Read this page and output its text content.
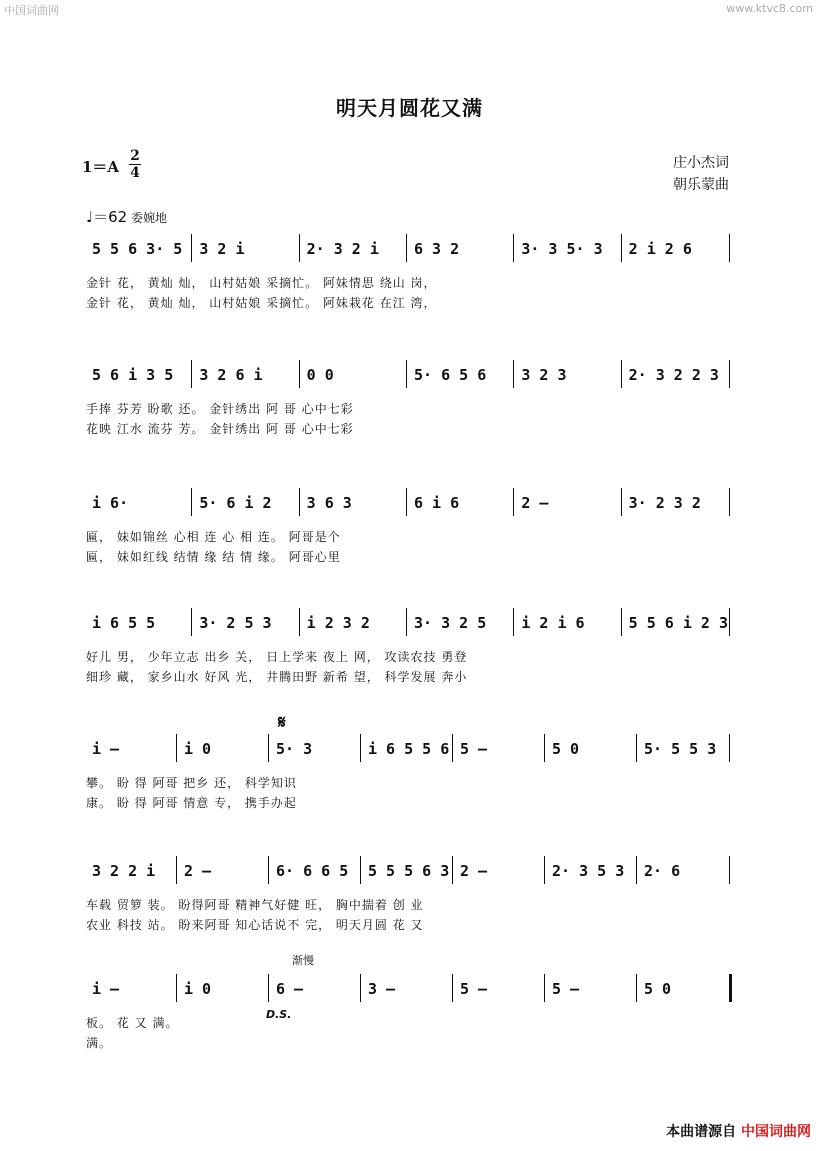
中国词曲网	www.ktvc8.com
明天月圆花又满
1＝A
2
4
庄小杰词
朝乐蒙曲
♩＝62 委婉地
𝄋
渐慢
D.S.
5 5 6 3· 5 3 2 i	2· 3 2 i 6 3 2	3· 3 5· 3 2 i 2 6
金针 花， 黄灿 灿， 山村姑娘 采摘忙。 阿妹情思 绕山 岗，
金针 花， 黄灿 灿， 山村姑娘 采摘忙。 阿妹栽花 在江 湾，
5 6 i 3 5 3 2 6 i	0 0	5· 6 5 6 3 2 3	2· 3 2 2 3
手捧 芬芳 盼歌 还。 金针绣出 阿 哥 心中七彩
花映 江水 流芬 芳。 金针绣出 阿 哥 心中七彩
i 6·	5· 6 i 2 3 6 3	6 i 6	2 –	3· 2 3 2
匾， 妹如锦丝 心相 连 心 相 连。 阿哥是个
匾， 妹如红线 结情 缘 结 情 缘。 阿哥心里
i 6 5 5	3· 2 5 3 i 2 3 2	3· 3 2 5 i 2 i 6	5 5 6 i 2 3
好儿 男， 少年立志 出乡 关， 日上学来 夜上 网， 攻读农技 勇登
细珍 藏， 家乡山水 好风 光， 井腾田野 新希 望， 科学发展 奔小
i –	i 0	5· 3	i 6 5 5 6 5 –	5 0	5· 5 5 3
攀。 盼 得 阿哥 把乡 还， 科学知识
康。 盼 得 阿哥 情意 专， 携手办起
3 2 2 i 2 –	6· 6 6 5 5 5 5 6 3 2 –	2· 3 5 3 2· 6
车载 贸箩 装。 盼得阿哥 精神气好健 旺， 胸中揣着 创 业
农业 科技 站。 盼来阿哥 知心话说不 完， 明天月圆 花 又
i –	i 0	6 –	3 –	5 –	5 –	5 0
板。 花 又 满。
满。
本曲谱源自 中国词曲网
